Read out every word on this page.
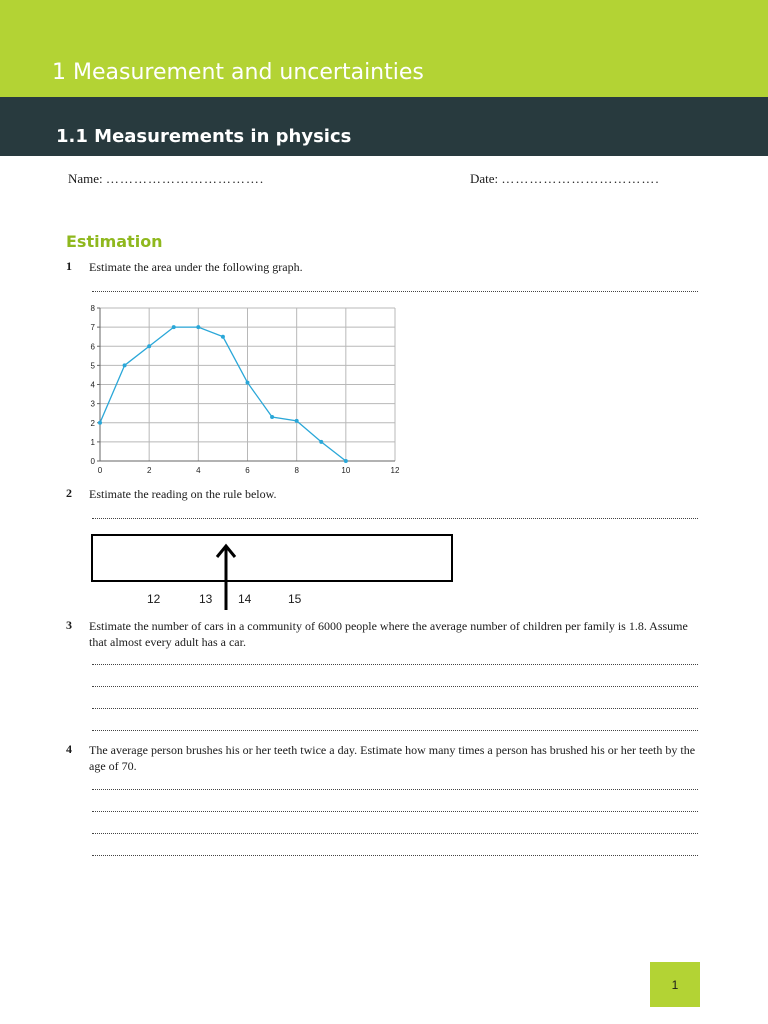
1 Measurement and uncertainties
1.1 Measurements in physics
Name: …………………………….	Date: …………………………….
Estimation
1 Estimate the area under the following graph.
0
1
2
3
4
5
6
7
8
0	2	4	6	8	10	12
2 Estimate the reading on the rule below.
12	13 14	15
3 Estimate the number of cars in a community of 6000 people where the average number of children per family is 1.8. Assume that almost every adult has a car.
4 The average person brushes his or her teeth twice a day. Estimate how many times a person has brushed his or her teeth by the age of 70.
1
